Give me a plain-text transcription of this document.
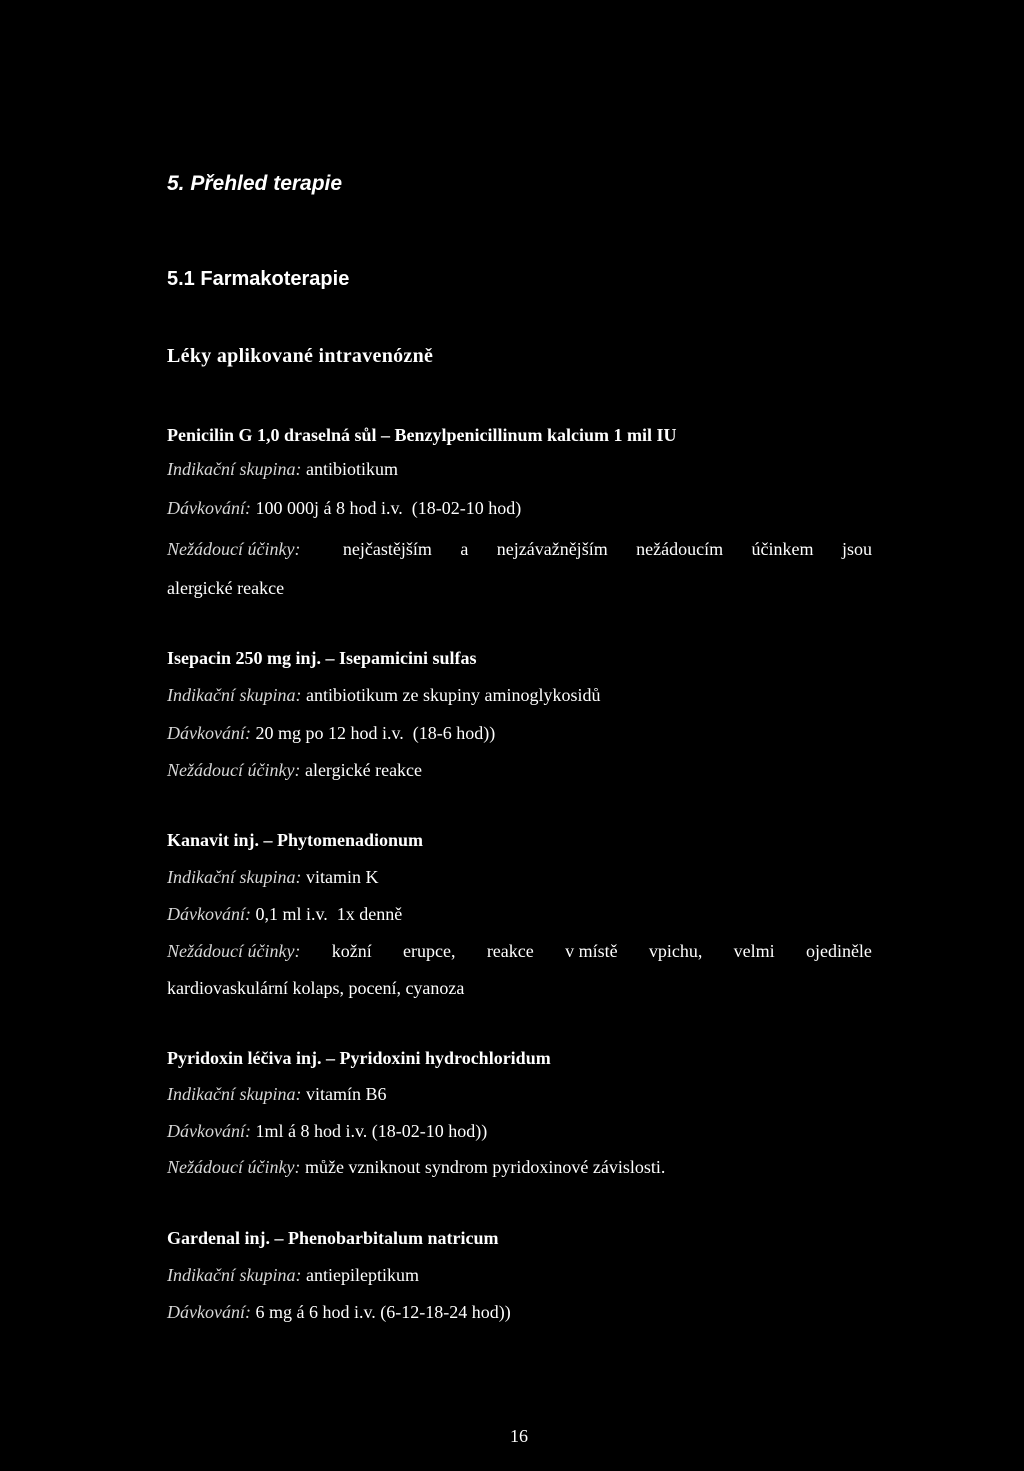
5. Přehled terapie
5.1 Farmakoterapie
Léky aplikované intravenózně
Penicilin G 1,0 draselná sůl – Benzylpenicillinum kalcium 1 mil IU
Indikační skupina: antibiotikum
Dávkování: 100 000j á 8 hod i.v.  (18-02-10 hod)
Nežádoucí účinky: nejčastějším a nejzávažnějším nežádoucím účinkem jsou
alergické reakce
Isepacin 250 mg inj. – Isepamicini sulfas
Indikační skupina: antibiotikum ze skupiny aminoglykosidů
Dávkování: 20 mg po 12 hod i.v.  (18-6 hod))
Nežádoucí účinky: alergické reakce
Kanavit inj. – Phytomenadionum
Indikační skupina: vitamin K
Dávkování: 0,1 ml i.v.  1x denně
Nežádoucí účinky: kožní erupce, reakce v místě vpichu, velmi ojediněle
kardiovaskulární kolaps, pocení, cyanoza
Pyridoxin léčiva inj. – Pyridoxini hydrochloridum
Indikační skupina: vitamín B6
Dávkování: 1ml á 8 hod i.v. (18-02-10 hod))
Nežádoucí účinky: může vzniknout syndrom pyridoxinové závislosti.
Gardenal inj. – Phenobarbitalum natricum
Indikační skupina: antiepileptikum
Dávkování: 6 mg á 6 hod i.v. (6-12-18-24 hod))
16
